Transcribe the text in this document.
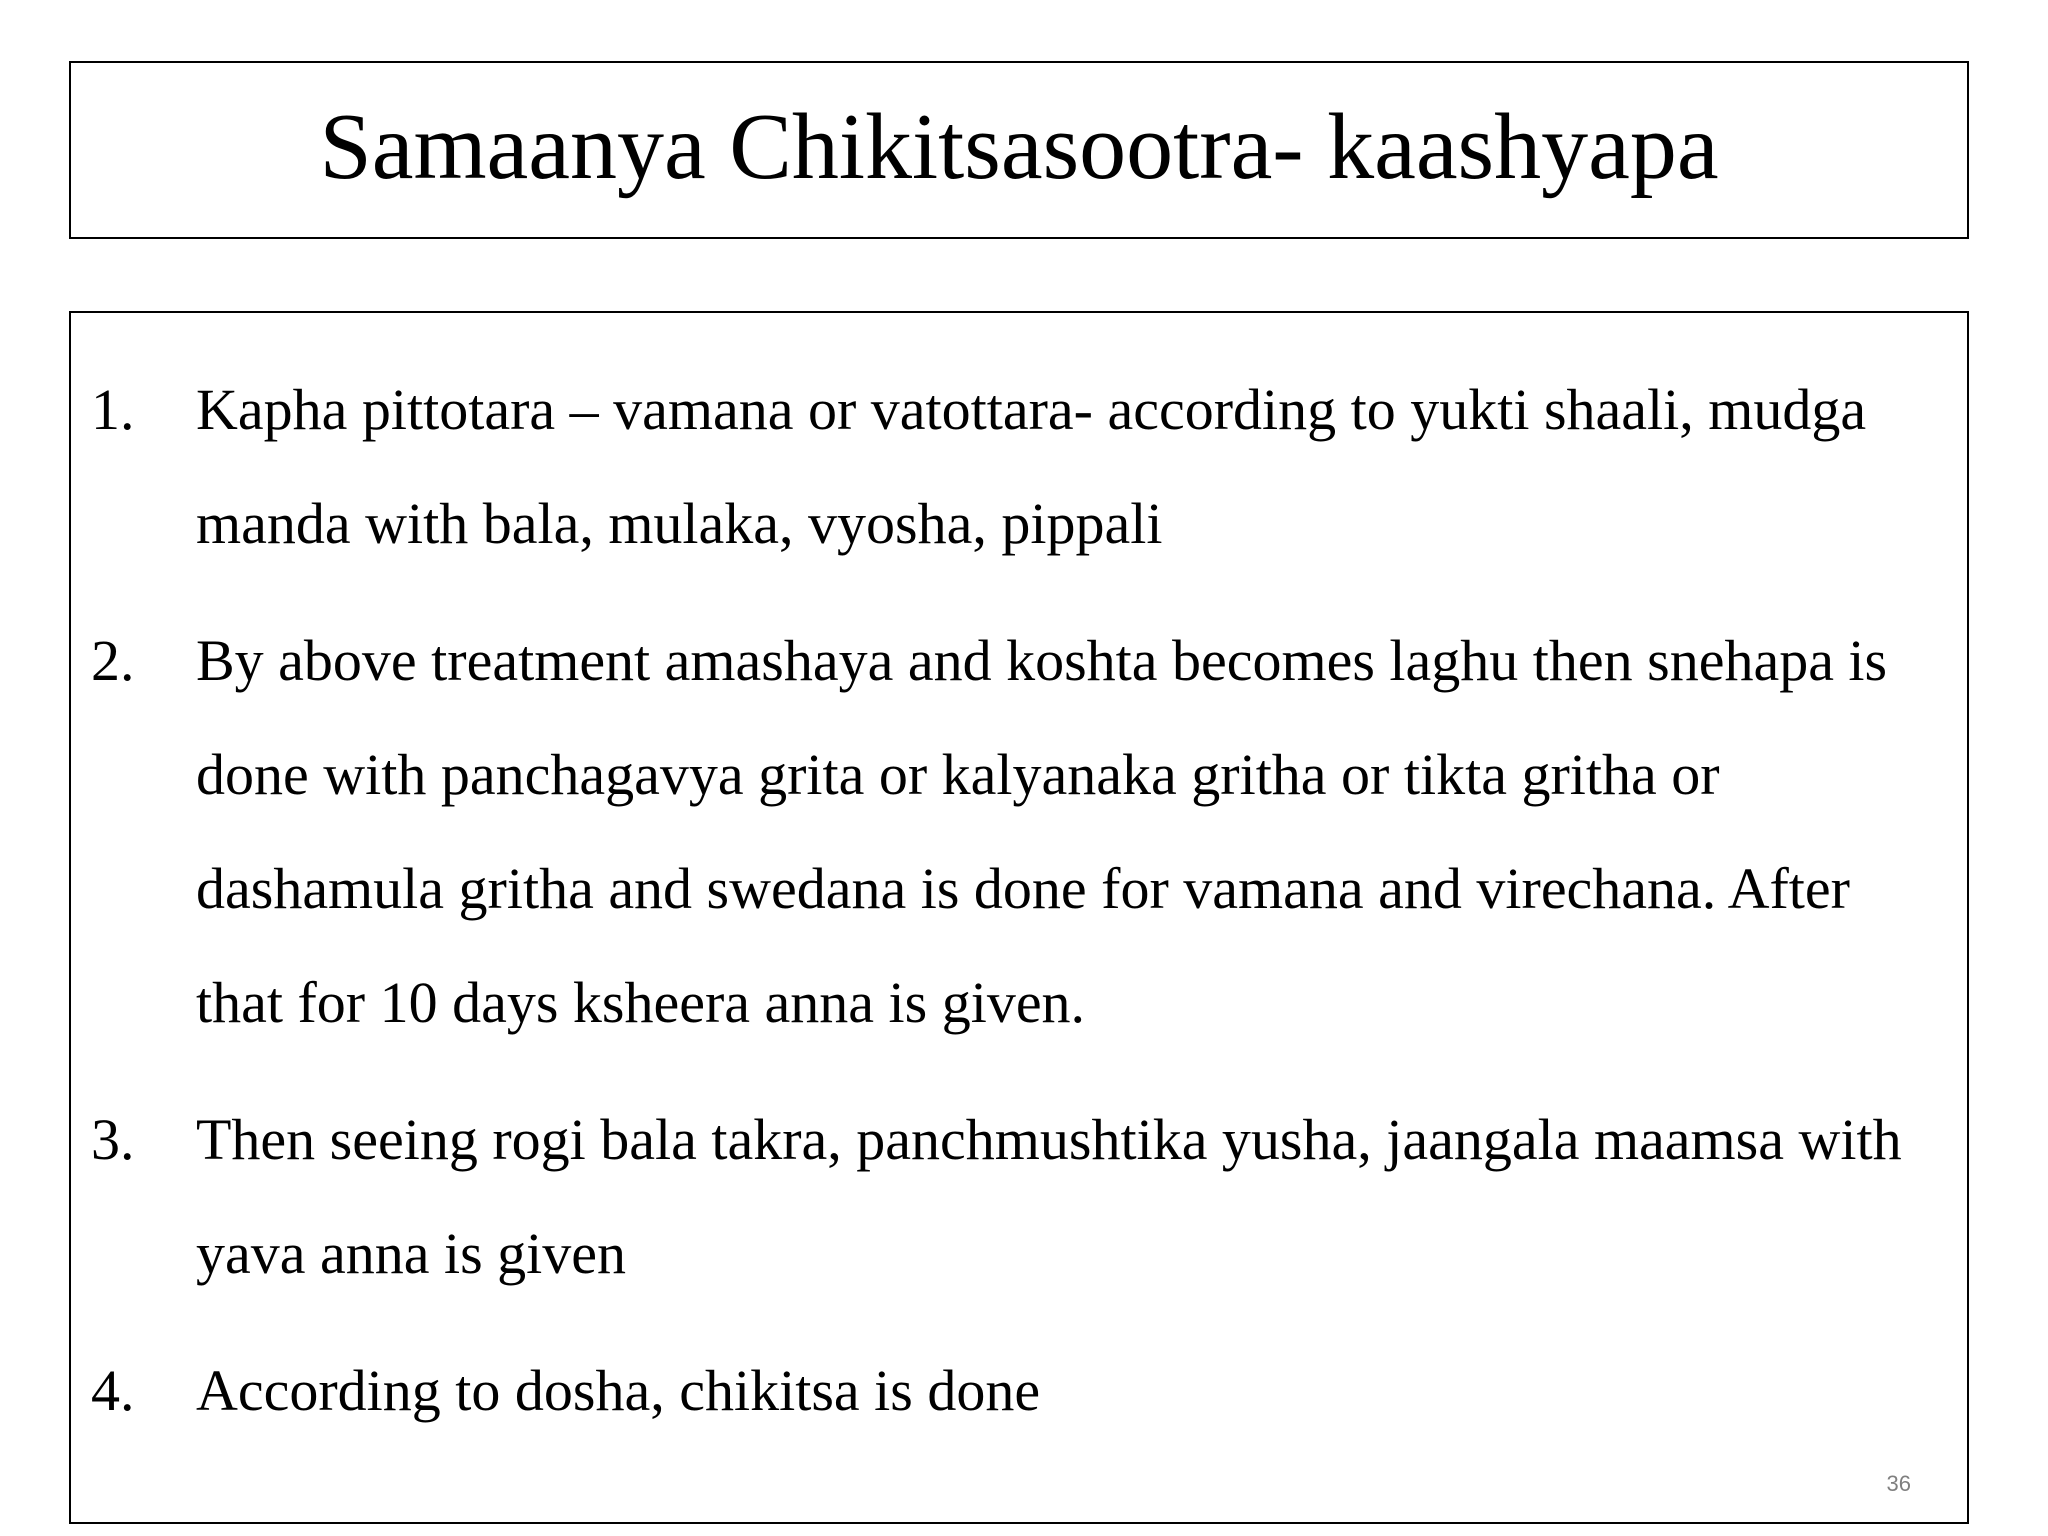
Samaanya Chikitsasootra- kaashyapa
1. Kapha pittotara – vamana or vatottara- according to yukti shaali, mudga manda with bala, mulaka, vyosha, pippali
2. By above treatment amashaya and koshta becomes laghu then snehapa is done with panchagavya grita or kalyanaka gritha or tikta gritha or dashamula gritha and swedana is done for vamana and virechana. After that for 10 days ksheera anna is given.
3. Then seeing rogi bala takra, panchmushtika yusha, jaangala maamsa with yava anna is given
4. According to dosha, chikitsa is done
36
